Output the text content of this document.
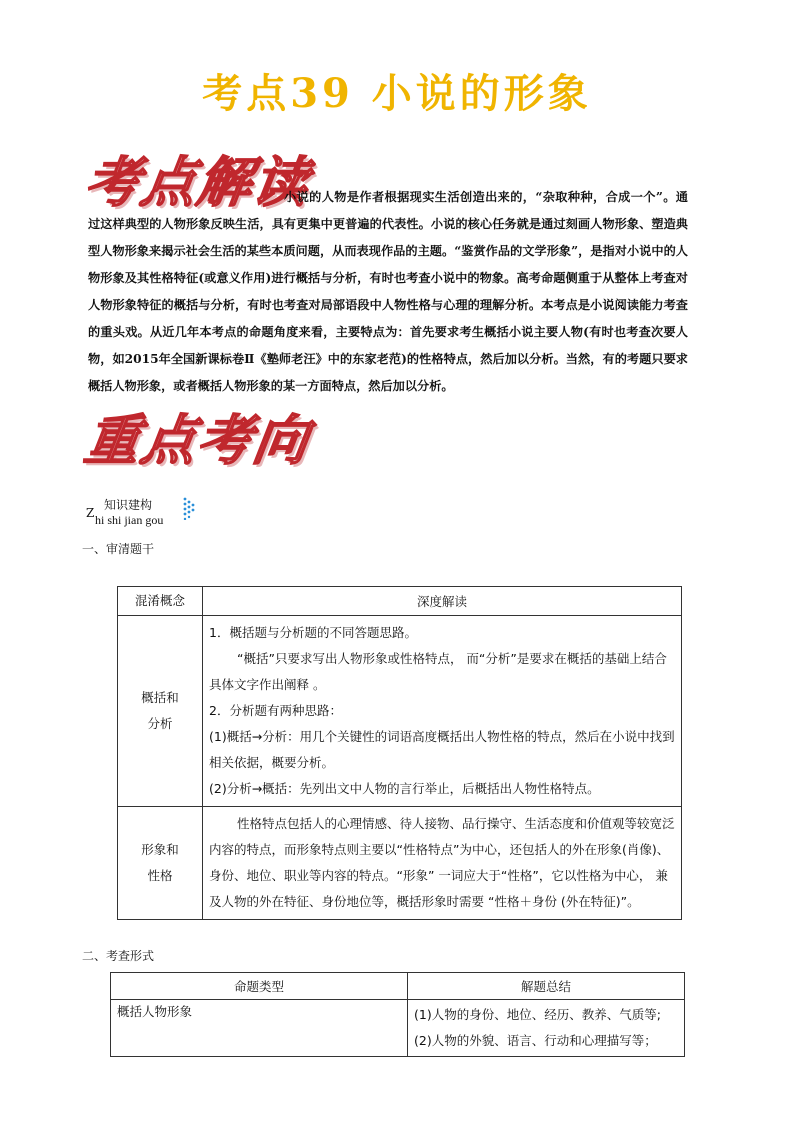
考点39 小说的形象
考点解读
小说的人物是作者根据现实生活创造出来的，“杂取种种，合成一个”。通过这样典型的人物形象反映生活，具有更集中更普遍的代表性。小说的核心任务就是通过刻画人物形象、塑造典型人物形象来揭示社会生活的某些本质问题，从而表现作品的主题。“鉴赏作品的文学形象”，是指对小说中的人物形象及其性格特征(或意义作用)进行概括与分析，有时也考查小说中的物象。高考命题侧重于从整体上考查对人物形象特征的概括与分析，有时也考查对局部语段中人物性格与心理的理解分析。本考点是小说阅读能力考查的重头戏。从近几年本考点的命题角度来看，主要特点为：首先要求考生概括小说主要人物(有时也考查次要人物，如2015年全国新课标卷Ⅱ《塾师老汪》中的东家老范)的性格特点，然后加以分析。当然，有的考题只要求概括人物形象，或者概括人物形象的某一方面特点，然后加以分析。
重点考向
Z
知识建构
hi shi jian gou
一、审清题干
混淆概念	深度解读
概括和分析	1．概括题与分析题的不同答题思路。
“概括”只要求写出人物形象或性格特点， 而“分析”是要求在概括的基础上结合具体文字作出阐释 。
2．分析题有两种思路：
(1)概括→分析：用几个关键性的词语高度概括出人物性格的特点，然后在小说中找到相关依据，概要分析。
(2)分析→概括：先列出文中人物的言行举止，后概括出人物性格特点。

形象和性格	性格特点包括人的心理情感、待人接物、品行操守、生活态度和价值观等较宽泛内容的特点，而形象特点则主要以“性格特点”为中心，还包括人的外在形象(肖像)、身份、地位、职业等内容的特点。“形象” 一词应大于“性格”，它以性格为中心， 兼及人物的外在特征、身份地位等，概括形象时需要 “性格＋身份 (外在特征)”。
二、考查形式
命题类型	解题总结
概括人物形象	(1)人物的身份、地位、经历、教养、气质等;
(2)人物的外貌、语言、行动和心理描写等；
